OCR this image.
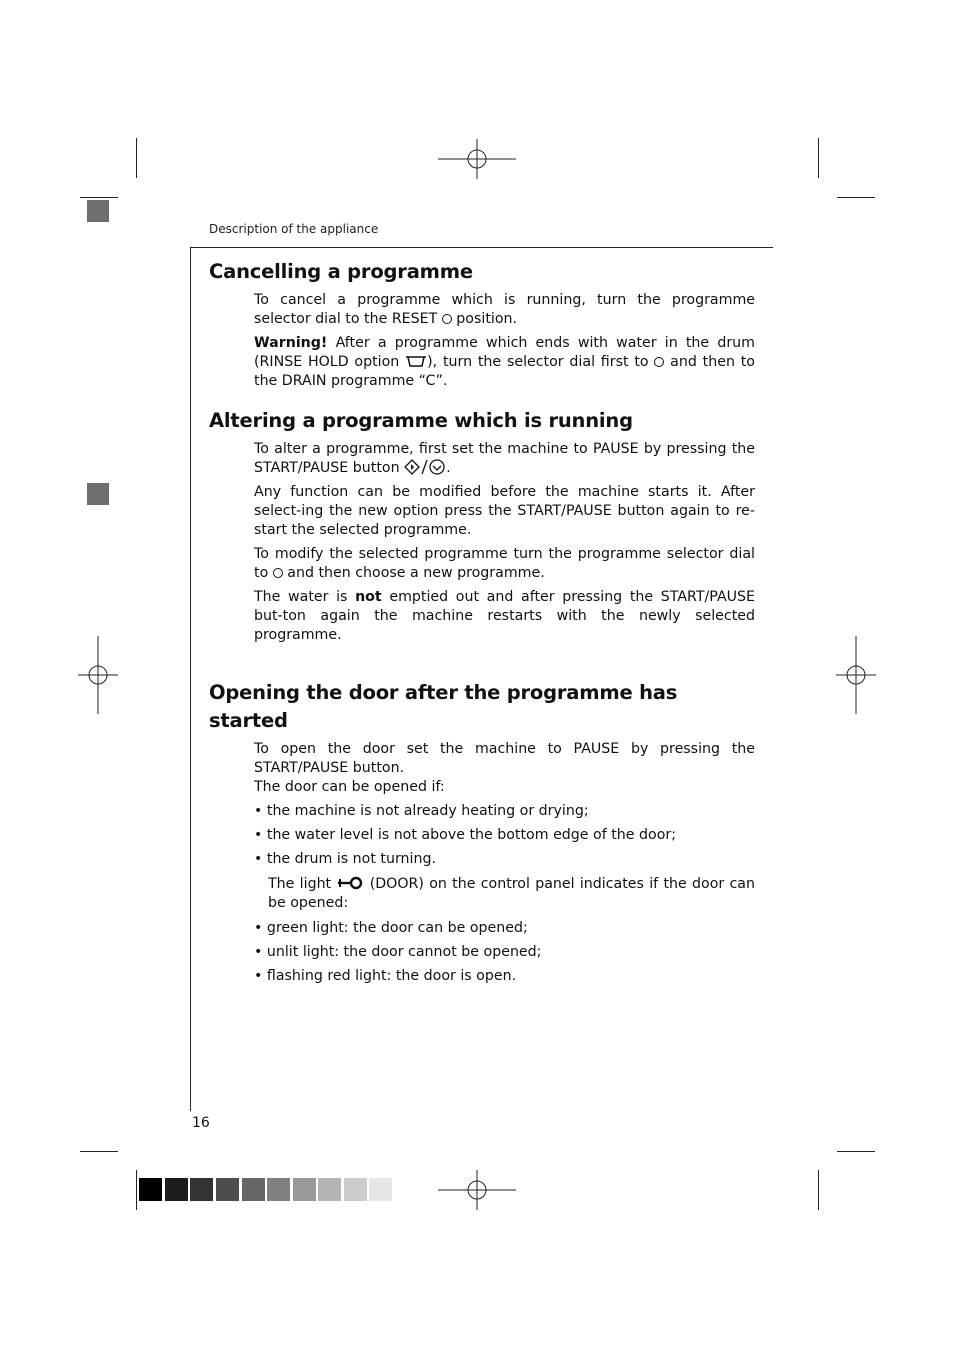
Description of the appliance
16
Cancelling a programme

To cancel a programme which is running, turn the programme selector dial to the RESET  position.

Warning! After a programme which ends with water in the drum (RINSE HOLD option ), turn the selector dial first to  and then to the DRAIN programme “C”.

Altering a programme which is running

To alter a programme, first set the machine to PAUSE by pressing the START/PAUSE button	.

Any function can be modified before the machine starts it. After select-ing the new option press the START/PAUSE button again to re-start the selected programme.

To modify the selected programme turn the programme selector dial to  and then choose a new programme.

The water is not emptied out and after pressing the START/PAUSE but-ton again the machine restarts with the newly selected programme.

Opening the door after the programme has started

To open the door set the machine to PAUSE by pressing the START/PAUSE button.

The door can be opened if:

• the machine is not already heating or drying;

• the water level is not above the bottom edge of the door;

• the drum is not turning.

The light  (DOOR) on the control panel indicates if the door can be opened:

• green light: the door can be opened;

• unlit light: the door cannot be opened;

• flashing red light: the door is open.
